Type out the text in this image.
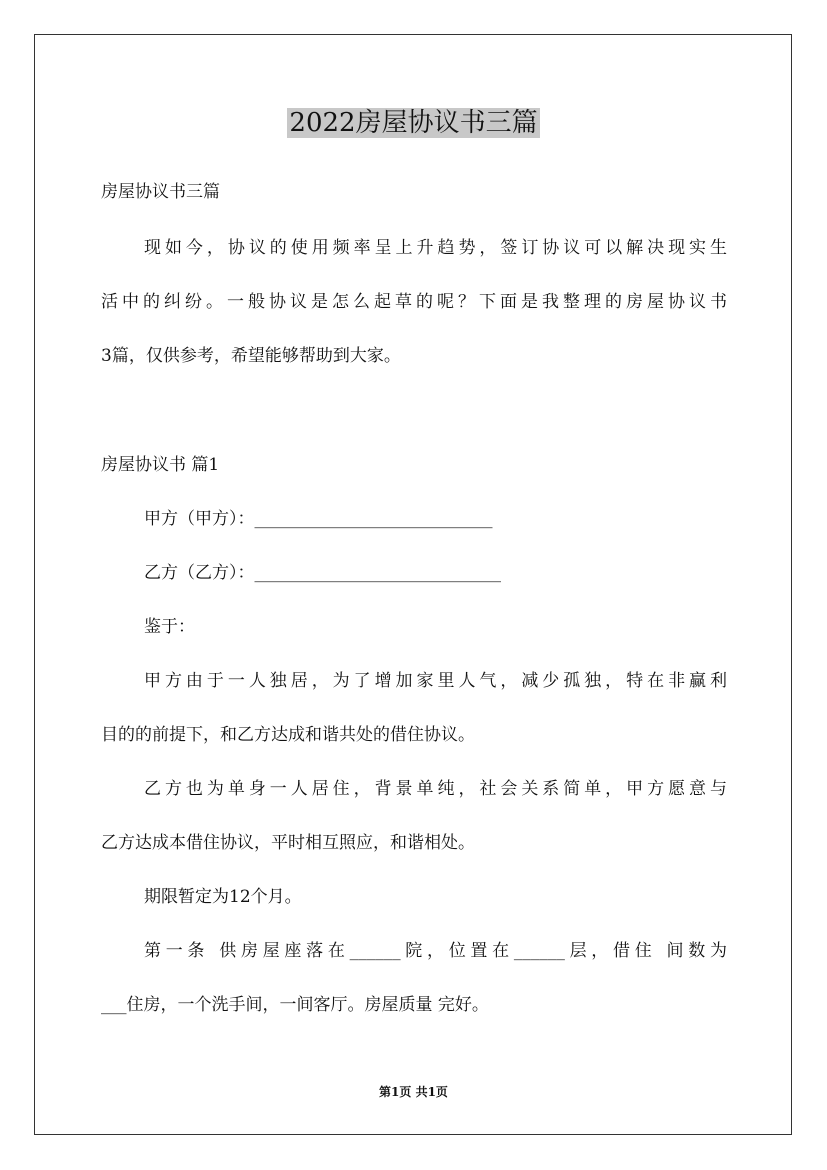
2022房屋协议书三篇
房屋协议书三篇
现如今，协议的使用频率呈上升趋势，签订协议可以解决现实生
活中的纠纷。一般协议是怎么起草的呢？下面是我整理的房屋协议书
3篇，仅供参考，希望能够帮助到大家。
房屋协议书 篇1
甲方（甲方）：____________________________
乙方（乙方）：_____________________________
鉴于：
甲方由于一人独居，为了增加家里人气，减少孤独，特在非赢利
目的的前提下，和乙方达成和谐共处的借住协议。
乙方也为单身一人居住，背景单纯，社会关系简单，甲方愿意与
乙方达成本借住协议，平时相互照应，和谐相处。
期限暂定为12个月。
第一条 供房屋座落在______院，位置在______层，借住 间数为
___住房，一个洗手间，一间客厅。房屋质量 完好。
第1页 共1页
